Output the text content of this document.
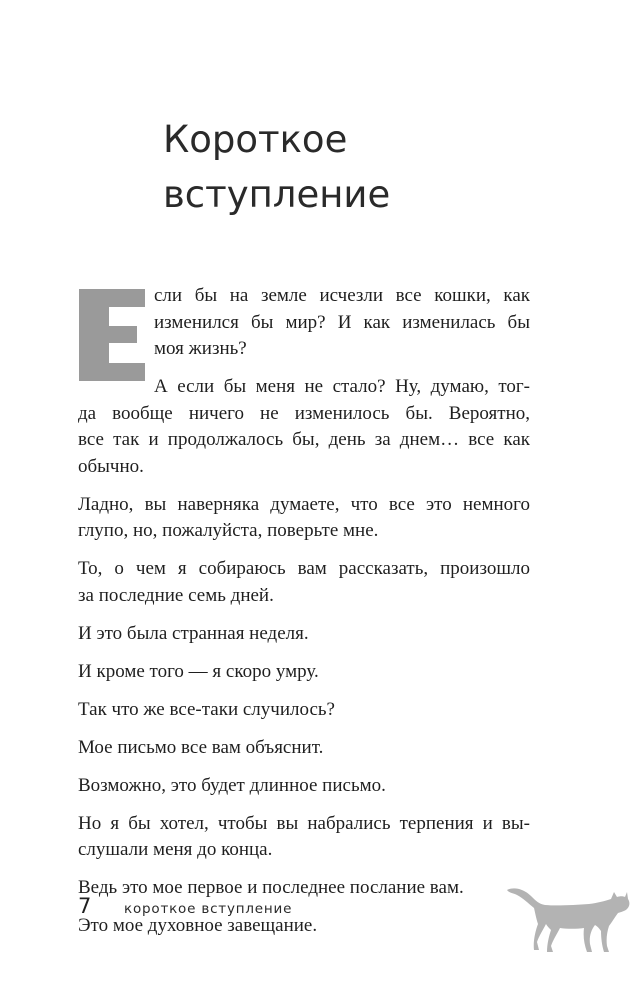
Короткое
вступление
сли бы на земле исчезли все кошки, как
изменился бы мир? И как изменилась бы
моя жизнь?
А если бы меня не стало? Ну, думаю, тог-
да вообще ничего не изменилось бы. Вероятно,
все так и продолжалось бы, день за днем… все как
обычно.
Ладно, вы наверняка думаете, что все это немного
глупо, но, пожалуйста, поверьте мне.
То, о чем я собираюсь вам рассказать, произошло
за последние семь дней.
И это была странная неделя.
И кроме того — я скоро умру.
Так что же все-таки случилось?
Мое письмо все вам объяснит.
Возможно, это будет длинное письмо.
Но я бы хотел, чтобы вы набрались терпения и вы-
слушали меня до конца.
Ведь это мое первое и последнее послание вам.
Это мое духовное завещание.
7 короткое вступление
